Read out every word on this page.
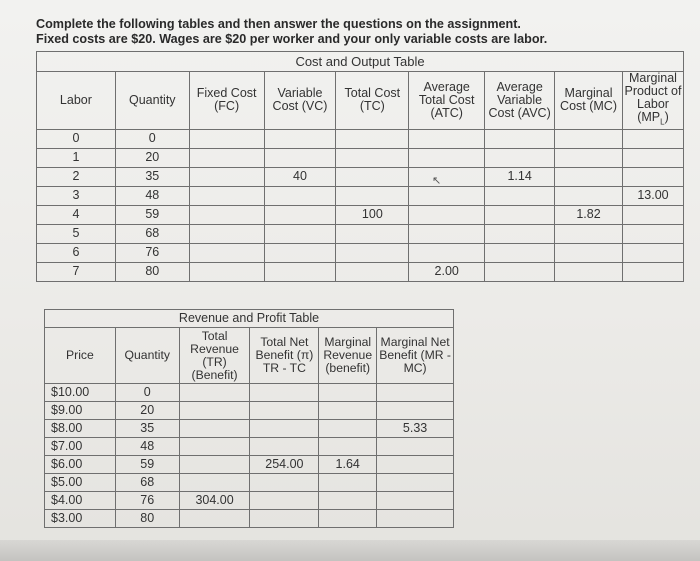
Complete the following tables and then answer the questions on the assignment.
Fixed costs are $20. Wages are $20 per worker and your only variable costs are labor.
Cost and Output Table								
Labor	Quantity	Fixed Cost (FC)	Variable Cost (VC)	Total Cost (TC)	Average Total Cost (ATC)	Average Variable Cost (AVC)	Marginal Cost (MC)	Marginal Product of Labor $(MP_L)$
0	0							
1	20							
2	35		40			1.14		
3	48							13.00
4	59			100			1.82	
5	68							
6	76							
7	80				2.00			
Revenue and Profit Table					
Price	Quantity	Total Revenue (TR) (Benefit)	Total Net Benefit (π) TR - TC	Marginal Revenue (benefit)	Marginal Net Benefit (MR - MC)
$10.00	0				
$9.00	20				
$8.00	35				5.33
$7.00	48				
$6.00	59		254.00	1.64	
$5.00	68				
$4.00	76	304.00			
$3.00	80				
↖
